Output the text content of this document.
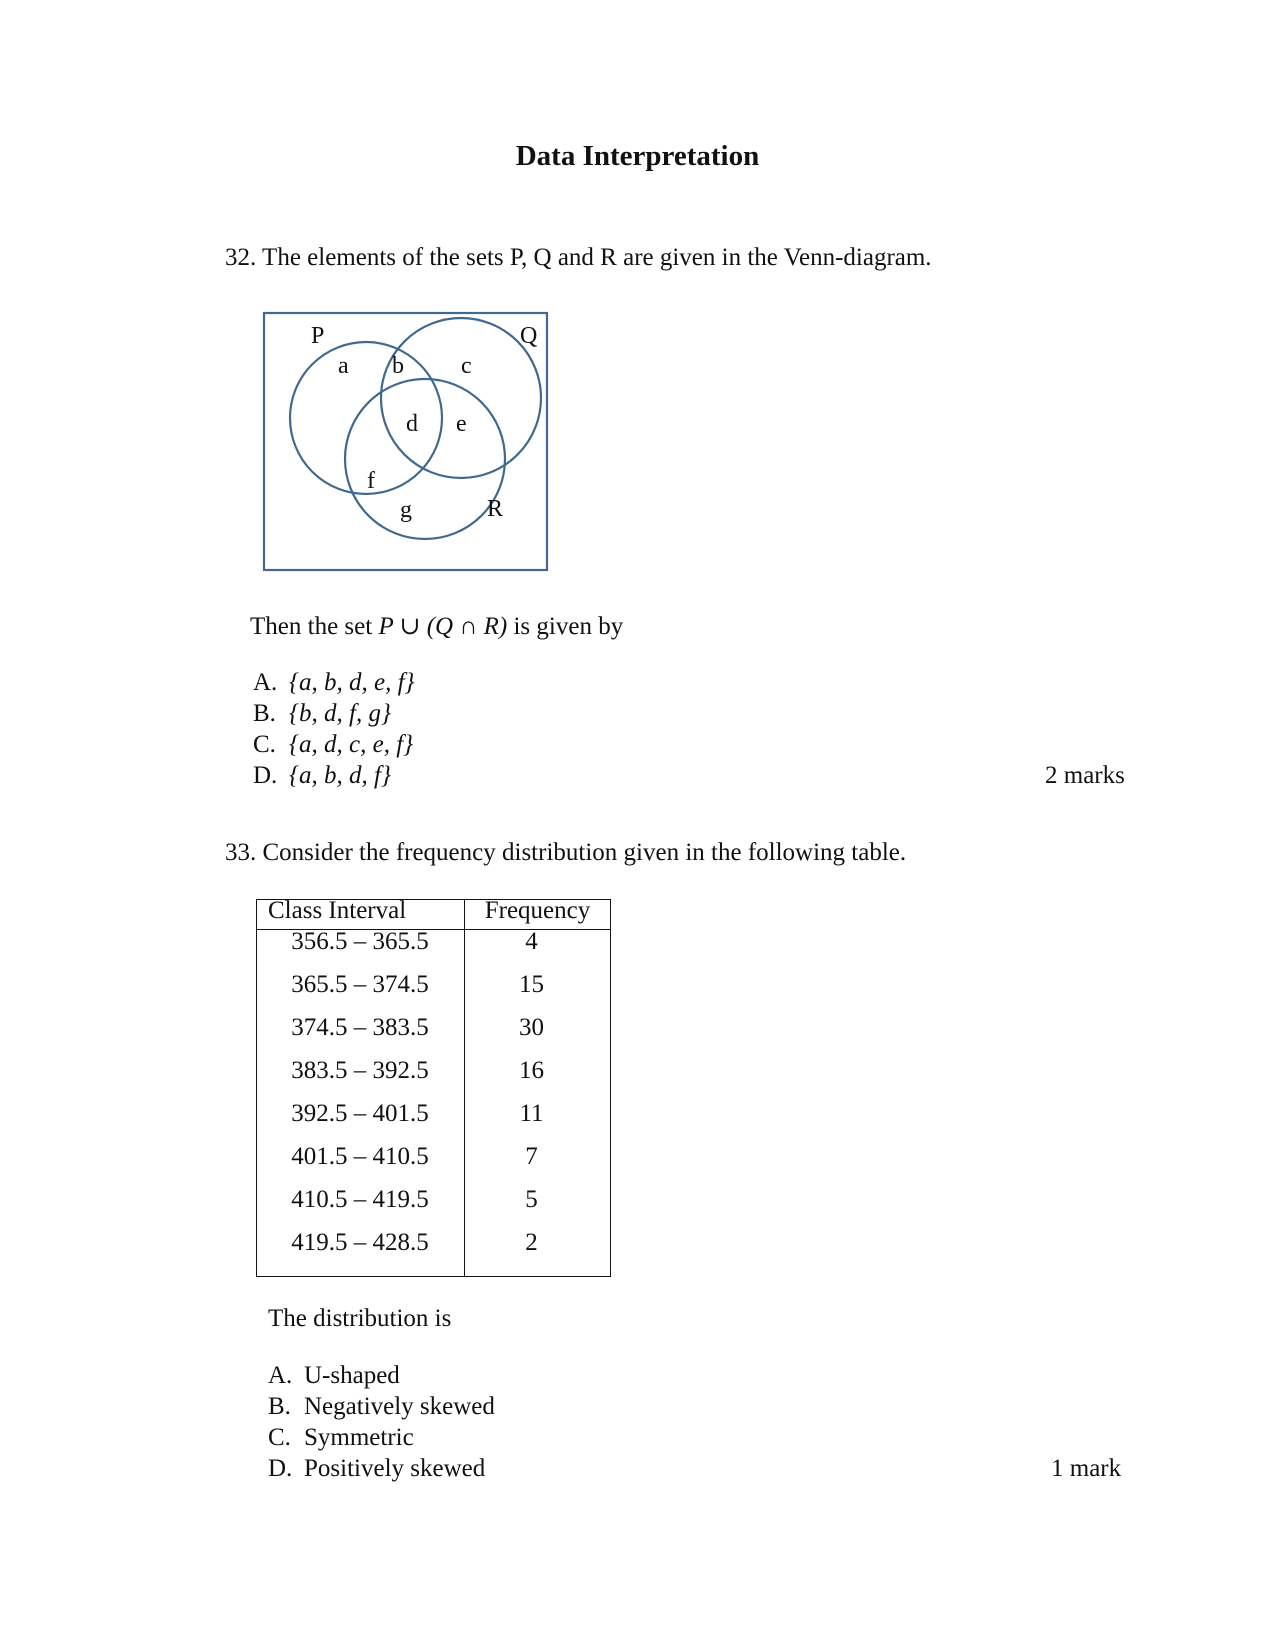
Data Interpretation
32. The elements of the sets P, Q and R are given in the Venn-diagram.
P	Q
R
a b c
d e
f
g
Then the set P ∪ (Q ∩ R) is given by
A. {a, b, d, e, f}
B. {b, d, f, g}
C. {a, d, c, e, f}
D. {a, b, d, f}	2 marks
33. Consider the frequency distribution given in the following table.
Class Interval	Frequency
356.5 – 365.5	4
365.5 – 374.5	15
374.5 – 383.5	30
383.5 – 392.5	16
392.5 – 401.5	11
401.5 – 410.5	7
410.5 – 419.5	5
419.5 – 428.5	2
The distribution is
A. U-shaped
B. Negatively skewed
C. Symmetric
D. Positively skewed	1 mark
